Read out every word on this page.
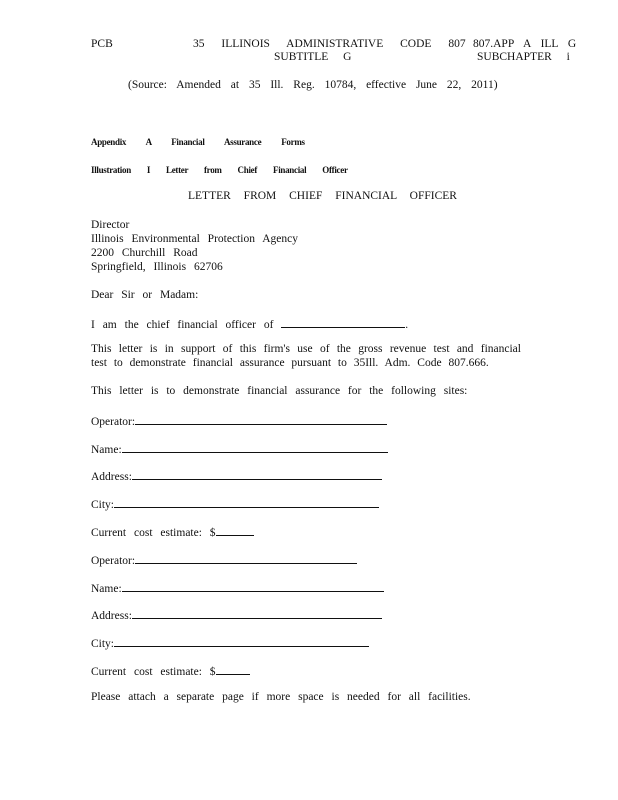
PCB	35 ILLINOIS ADMINISTRATIVE CODE 807
SUBTITLE G
807.APP A ILL G
SUBCHAPTER i
(Source: Amended at 35 Ill. Reg. 10784, effective June 22, 2011)
Appendix A Financial Assurance Forms
Illustration I Letter from Chief Financial Officer
LETTER FROM CHIEF FINANCIAL OFFICER
Director
Illinois Environmental Protection Agency
2200 Churchill Road
Springfield, Illinois 62706
Dear Sir or Madam:
I am the chief financial officer of	.
This letter is in support of this firm's use of the gross revenue test and financial test to demonstrate financial assurance pursuant to 35Ill. Adm. Code 807.666.
This letter is to demonstrate financial assurance for the following sites:
Operator:
Name:
Address:
City:
Current cost estimate: $
Operator:
Name:
Address:
City:
Current cost estimate: $
Please attach a separate page if more space is needed for all facilities.
